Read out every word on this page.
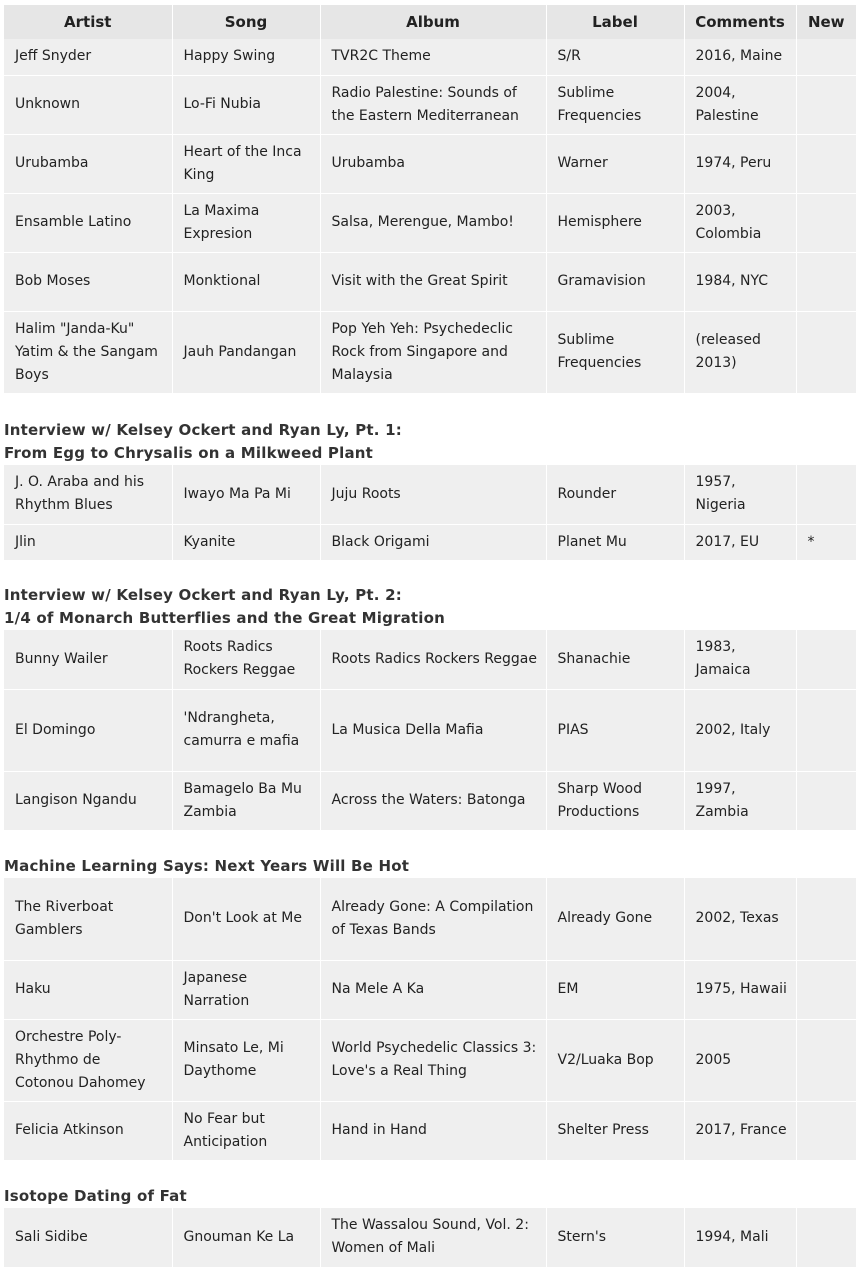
Artist	Song	Album	Label	Comments	New
Jeff Snyder	Happy Swing	TVR2C Theme	S/R	2016, Maine	
Unknown	Lo-Fi Nubia	Radio Palestine: Sounds of the Eastern Mediterranean	Sublime Frequencies	2004, Palestine	
Urubamba	Heart of the Inca King	Urubamba	Warner	1974, Peru	
Ensamble Latino	La Maxima Expresion	Salsa, Merengue, Mambo!	Hemisphere	2003, Colombia	
Bob Moses	Monktional	Visit with the Great Spirit	Gramavision	1984, NYC	
Halim "Janda-Ku" Yatim & the Sangam Boys	Jauh Pandangan	Pop Yeh Yeh: Psychedeclic Rock from Singapore and Malaysia	Sublime Frequencies	(released 2013)	
Interview w/ Kelsey Ockert and Ryan Ly, Pt. 1:
From Egg to Chrysalis on a Milkweed Plant
J. O. Araba and his Rhythm Blues	Iwayo Ma Pa Mi	Juju Roots	Rounder	1957, Nigeria	
Jlin	Kyanite	Black Origami	Planet Mu	2017, EU	*
Interview w/ Kelsey Ockert and Ryan Ly, Pt. 2:
1/4 of Monarch Butterflies and the Great Migration
Bunny Wailer	Roots Radics Rockers Reggae	Roots Radics Rockers Reggae	Shanachie	1983, Jamaica	
El Domingo	'Ndrangheta, camurra e mafia	La Musica Della Mafia	PIAS	2002, Italy	
Langison Ngandu	Bamagelo Ba Mu Zambia	Across the Waters: Batonga	Sharp Wood Productions	1997, Zambia	
Machine Learning Says: Next Years Will Be Hot
The Riverboat Gamblers	Don't Look at Me	Already Gone: A Compilation of Texas Bands	Already Gone	2002, Texas	
Haku	Japanese Narration	Na Mele A Ka	EM	1975, Hawaii	
Orchestre Poly-Rhythmo de Cotonou Dahomey	Minsato Le, Mi Daythome	World Psychedelic Classics 3: Love's a Real Thing	V2/Luaka Bop	2005	
Felicia Atkinson	No Fear but Anticipation	Hand in Hand	Shelter Press	2017, France	
Isotope Dating of Fat
Sali Sidibe	Gnouman Ke La	The Wassalou Sound, Vol. 2: Women of Mali	Stern's	1994, Mali	
